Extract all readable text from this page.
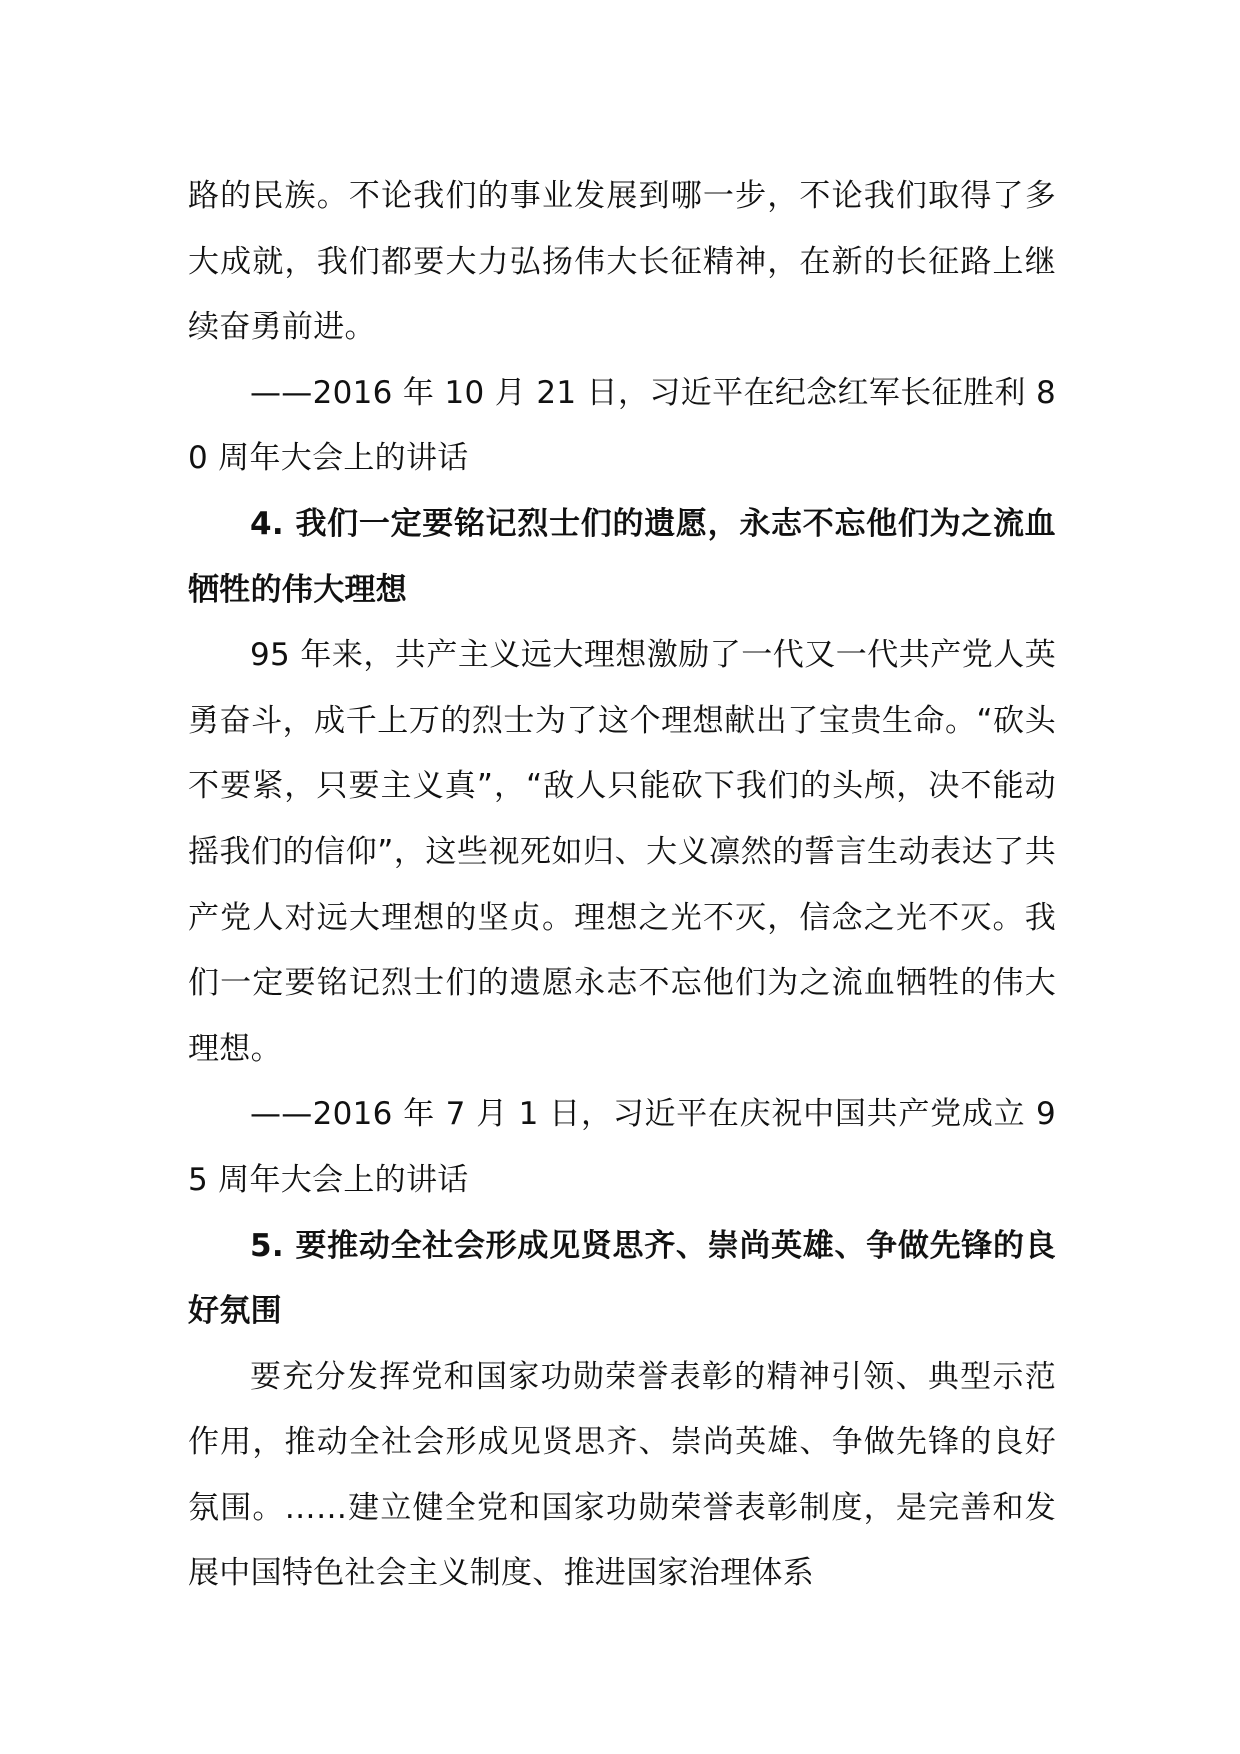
路的民族。不论我们的事业发展到哪一步，不论我们取得了多大成就，我们都要大力弘扬伟大长征精神，在新的长征路上继续奋勇前进。

——2016 年 10 月 21 日，习近平在纪念红军长征胜利 80 周年大会上的讲话

4. 我们一定要铭记烈士们的遗愿，永志不忘他们为之流血牺牲的伟大理想

95 年来，共产主义远大理想激励了一代又一代共产党人英勇奋斗，成千上万的烈士为了这个理想献出了宝贵生命。“砍头不要紧，只要主义真”，“敌人只能砍下我们的头颅，决不能动摇我们的信仰”，这些视死如归、大义凛然的誓言生动表达了共产党人对远大理想的坚贞。理想之光不灭，信念之光不灭。我们一定要铭记烈士们的遗愿永志不忘他们为之流血牺牲的伟大理想。

——2016 年 7 月 1 日，习近平在庆祝中国共产党成立 95 周年大会上的讲话

5. 要推动全社会形成见贤思齐、崇尚英雄、争做先锋的良好氛围

要充分发挥党和国家功勋荣誉表彰的精神引领、典型示范作用，推动全社会形成见贤思齐、崇尚英雄、争做先锋的良好氛围。……建立健全党和国家功勋荣誉表彰制度，是完善和发展中国特色社会主义制度、推进国家治理体系
